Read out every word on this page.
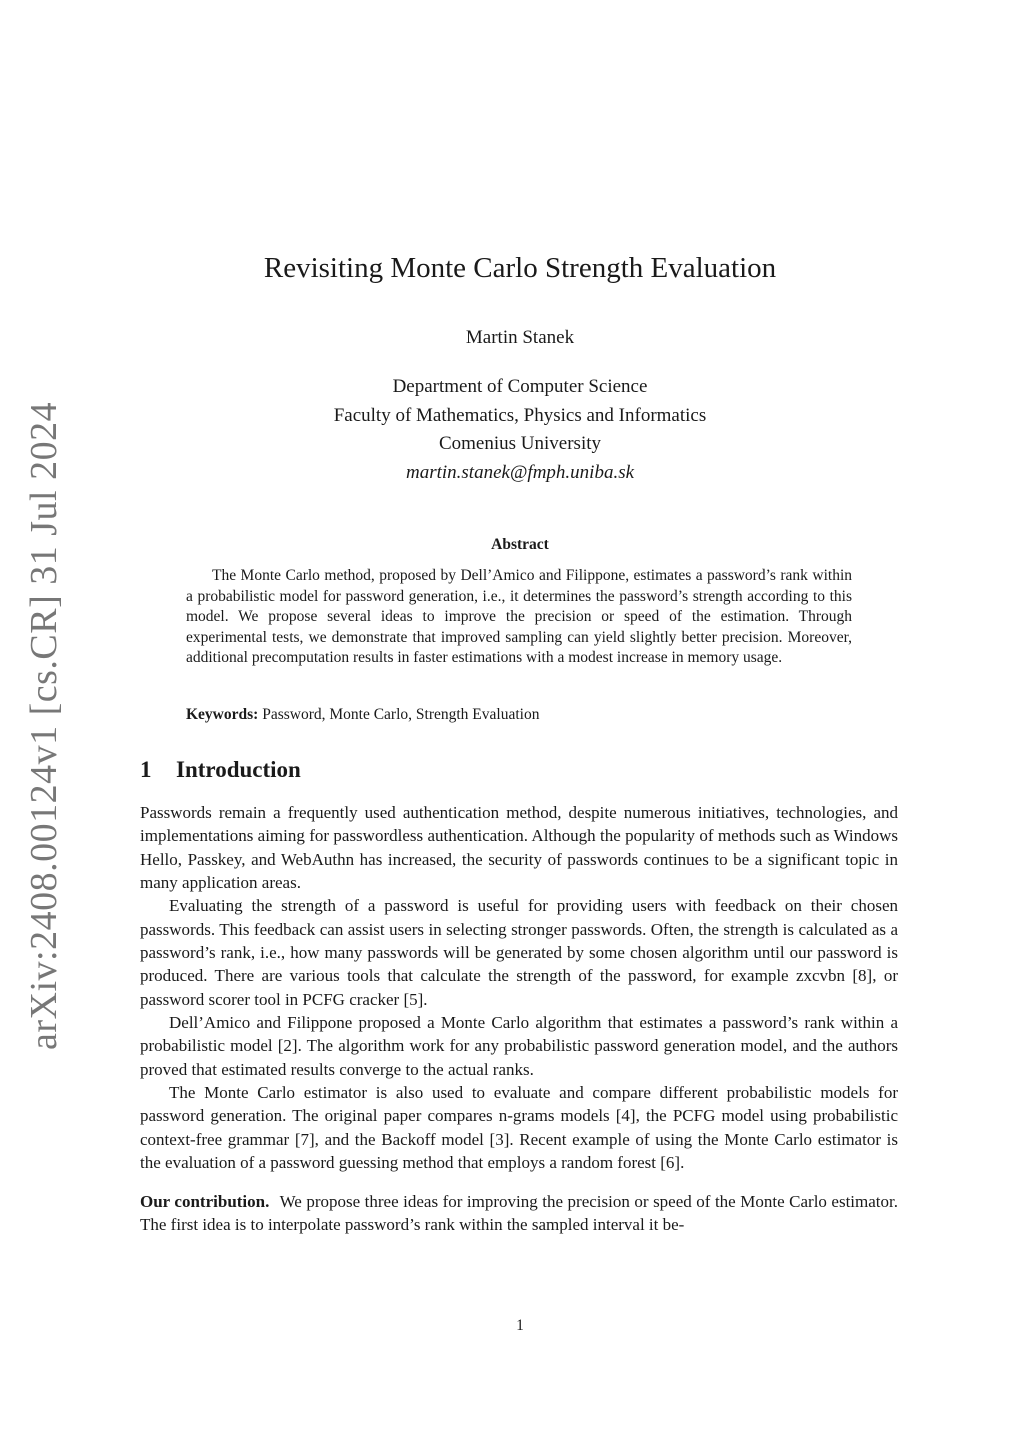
arXiv:2408.00124v1 [cs.CR] 31 Jul 2024
Revisiting Monte Carlo Strength Evaluation
Martin Stanek
Department of Computer Science
Faculty of Mathematics, Physics and Informatics
Comenius University
martin.stanek@fmph.uniba.sk
Abstract

The Monte Carlo method, proposed by Dell’Amico and Filippone, estimates a password’s rank within a probabilistic model for password generation, i.e., it determines the password’s strength according to this model. We propose several ideas to improve the precision or speed of the estimation. Through experimental tests, we demonstrate that improved sampling can yield slightly better precision. Moreover, additional precomputation results in faster estimations with a modest increase in memory usage.

Keywords: Password, Monte Carlo, Strength Evaluation

1 Introduction

Passwords remain a frequently used authentication method, despite numerous initiatives, technologies, and implementations aiming for passwordless authentication. Although the popularity of methods such as Windows Hello, Passkey, and WebAuthn has increased, the security of passwords continues to be a significant topic in many application areas.

Evaluating the strength of a password is useful for providing users with feedback on their chosen passwords. This feedback can assist users in selecting stronger passwords. Often, the strength is calculated as a password’s rank, i.e., how many passwords will be generated by some chosen algorithm until our password is produced. There are various tools that calculate the strength of the password, for example zxcvbn [8], or password scorer tool in PCFG cracker [5].

Dell’Amico and Filippone proposed a Monte Carlo algorithm that estimates a password’s rank within a probabilistic model [2]. The algorithm work for any probabilistic password generation model, and the authors proved that estimated results converge to the actual ranks.

The Monte Carlo estimator is also used to evaluate and compare different probabilistic models for password generation. The original paper compares n-grams models [4], the PCFG model using probabilistic context-free grammar [7], and the Backoff model [3]. Recent example of using the Monte Carlo estimator is the evaluation of a password guessing method that employs a random forest [6].

Our contribution. We propose three ideas for improving the precision or speed of the Monte Carlo estimator. The first idea is to interpolate password’s rank within the sampled interval it be-

1
